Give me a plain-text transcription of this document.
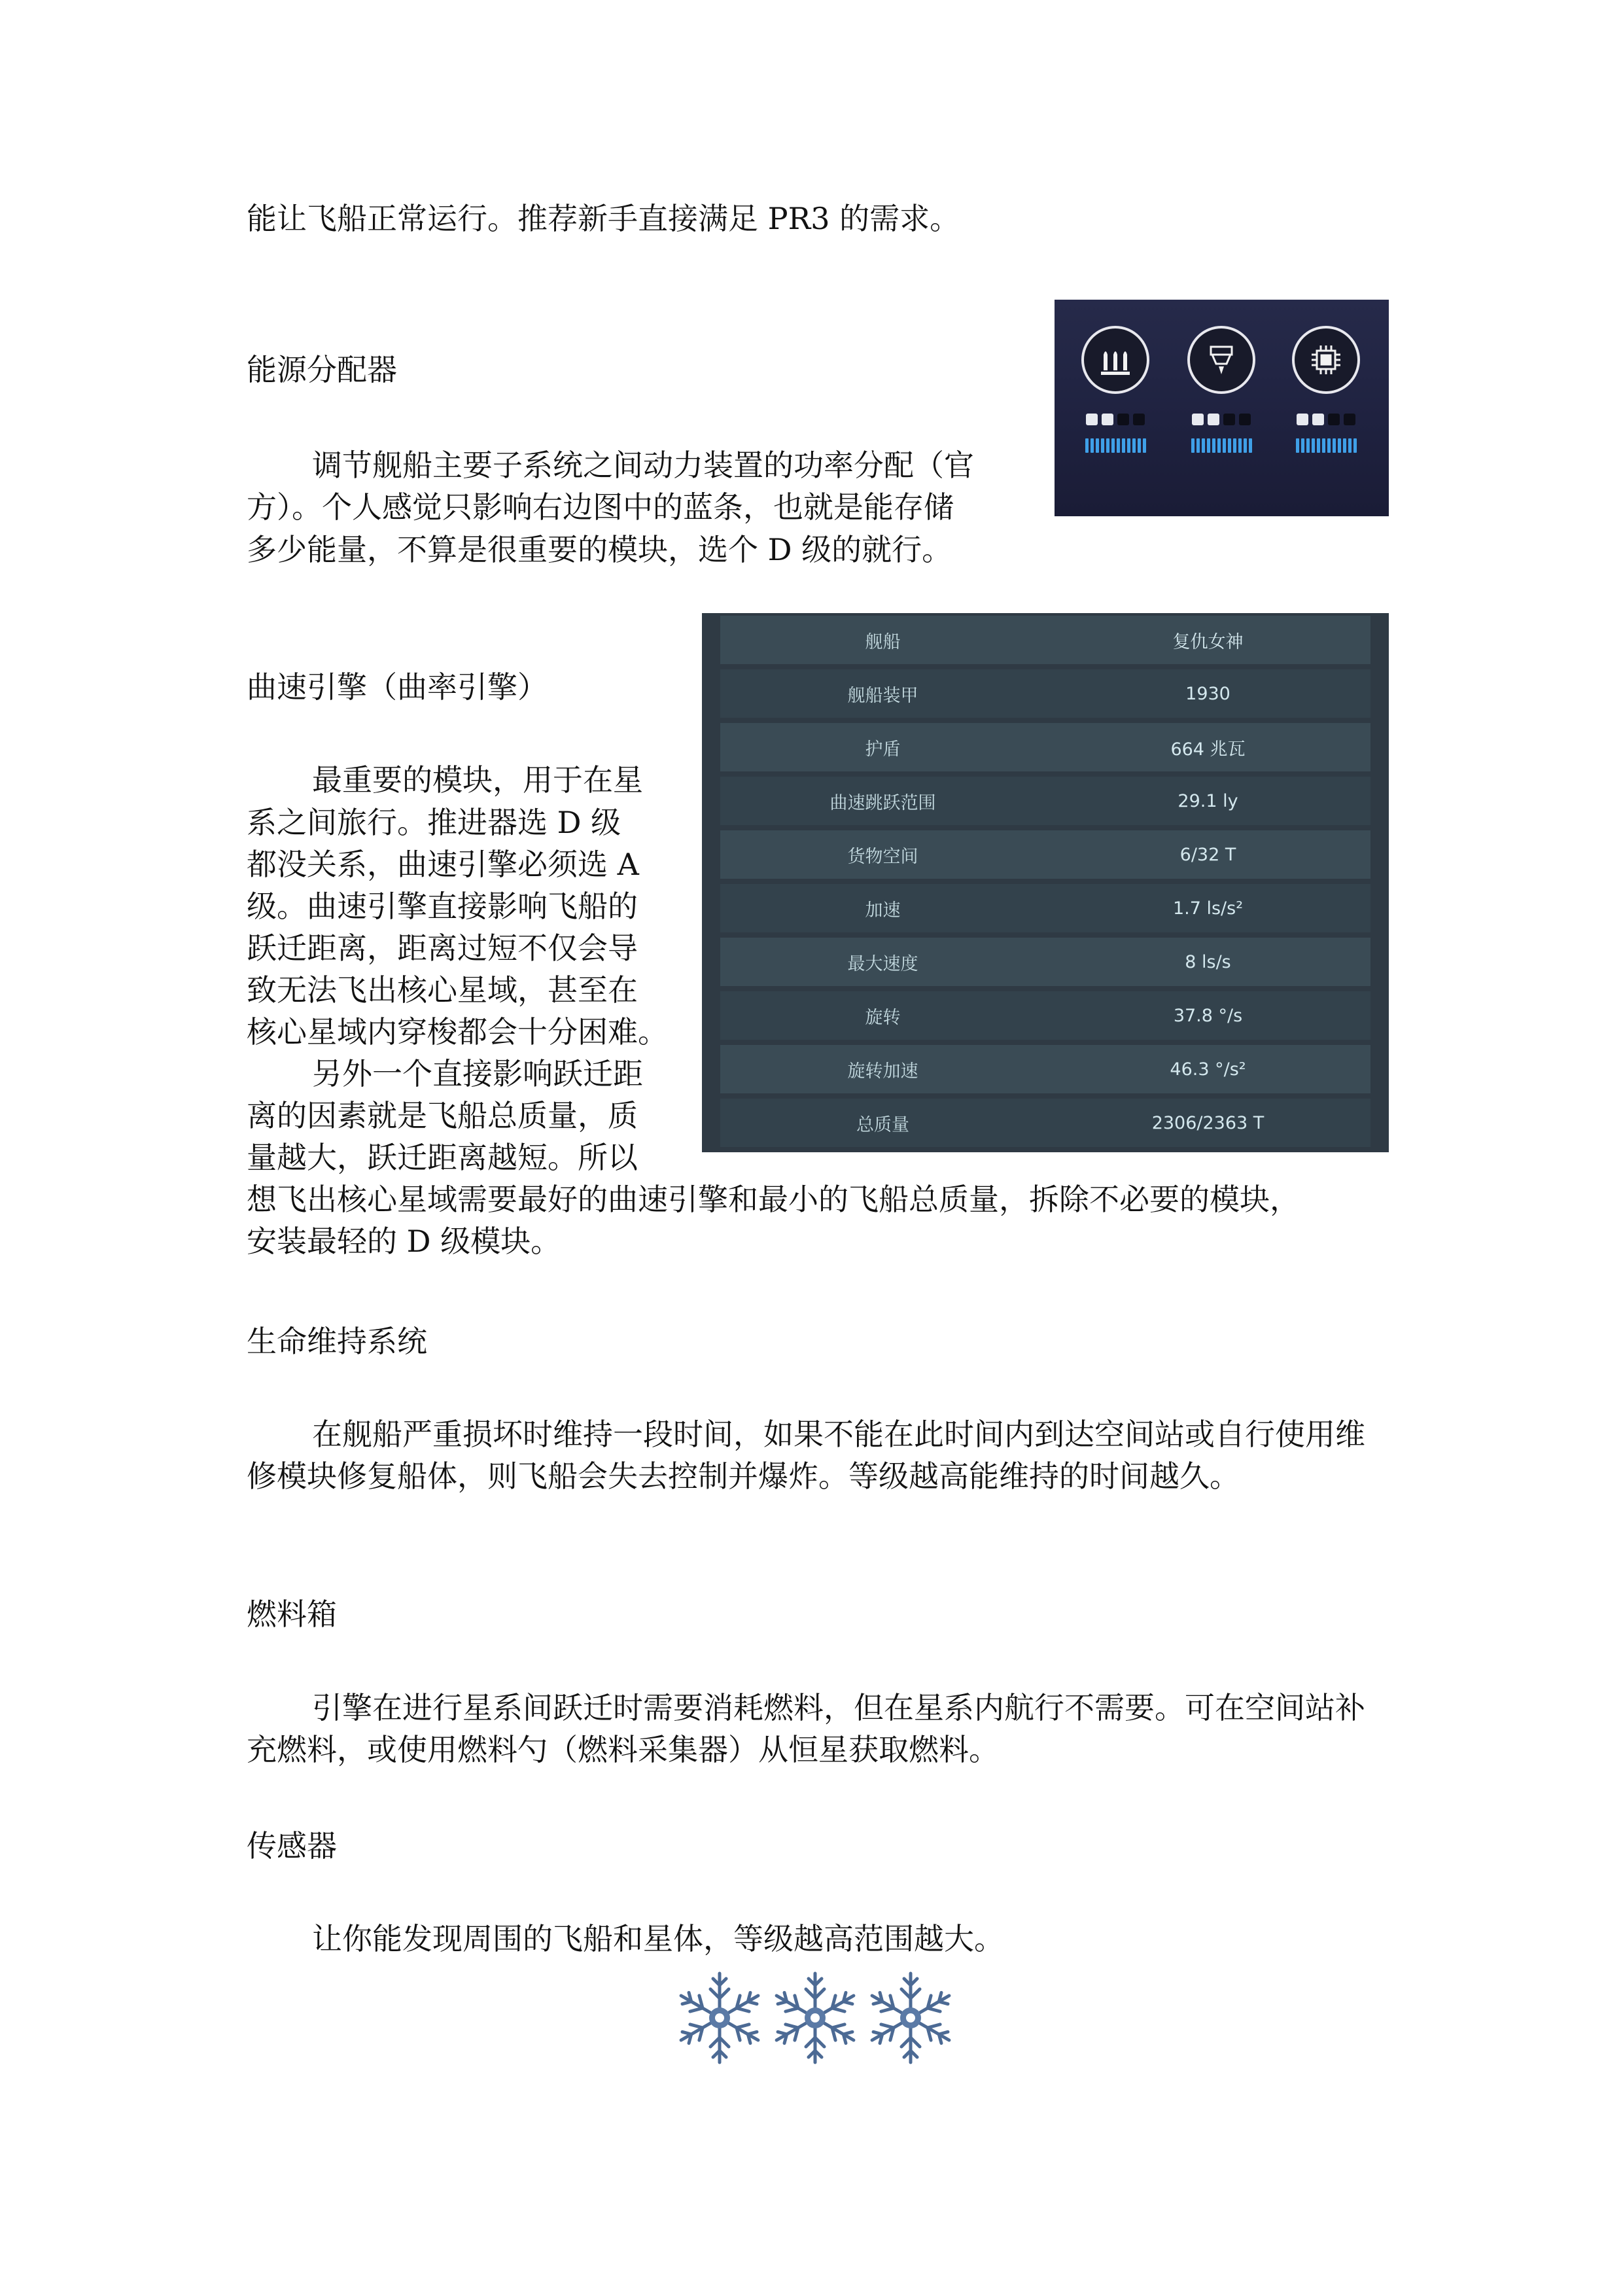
能让飞船正常运行。推荐新手直接满足 PR3 的需求。

能源分配器

调节舰船主要子系统之间动力装置的功率分配（官

方）。个人感觉只影响右边图中的蓝条，也就是能存储

多少能量，不算是很重要的模块，选个 D 级的就行。

曲速引擎（曲率引擎）

最重要的模块，用于在星

系之间旅行。推进器选 D 级

都没关系，曲速引擎必须选 A

级。曲速引擎直接影响飞船的

跃迁距离，距离过短不仅会导

致无法飞出核心星域，甚至在

核心星域内穿梭都会十分困难。

另外一个直接影响跃迁距

离的因素就是飞船总质量，质

量越大，跃迁距离越短。所以

想飞出核心星域需要最好的曲速引擎和最小的飞船总质量，拆除不必要的模块，

安装最轻的 D 级模块。

舰船	复仇女神
舰船装甲	1930
护盾	664 兆瓦
曲速跳跃范围	29.1 ly
货物空间	6/32 T
加速	1.7 ls/s²
最大速度	8 ls/s
旋转	37.8 °/s
旋转加速	46.3 °/s²
总质量	2306/2363 T

生命维持系统

在舰船严重损坏时维持一段时间，如果不能在此时间内到达空间站或自行使用维修模块修复船体，则飞船会失去控制并爆炸。等级越高能维持的时间越久。

燃料箱

引擎在进行星系间跃迁时需要消耗燃料，但在星系内航行不需要。可在空间站补充燃料，或使用燃料勺（燃料采集器）从恒星获取燃料。

传感器

让你能发现周围的飞船和星体，等级越高范围越大。
